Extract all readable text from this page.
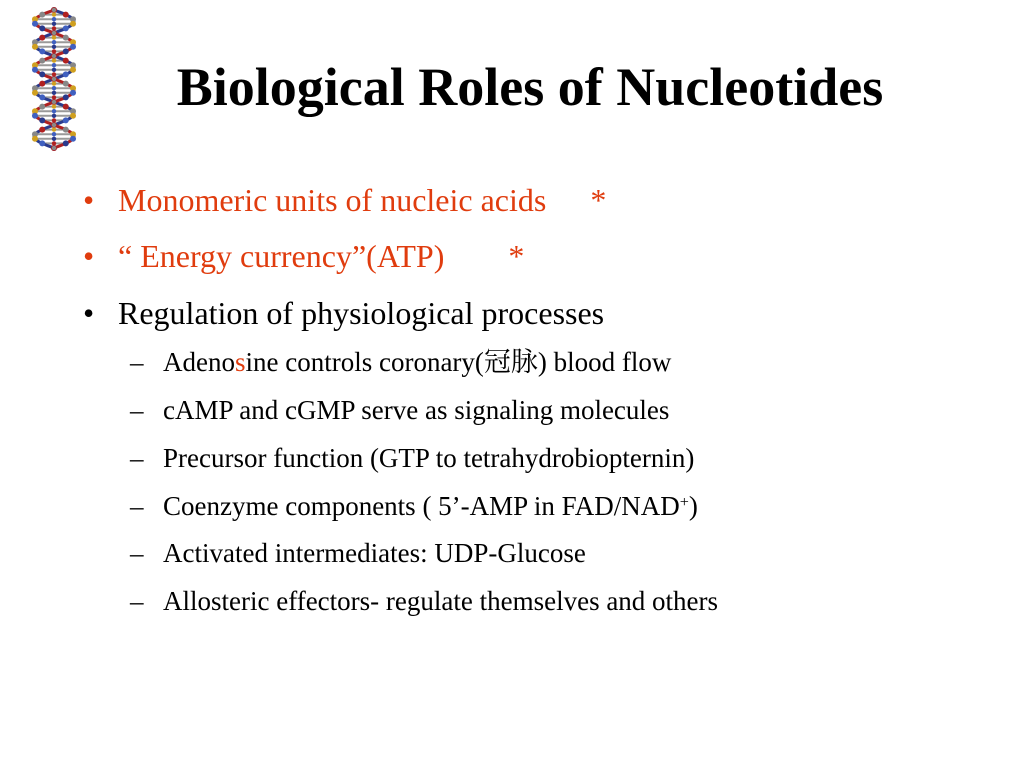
Biological Roles of Nucleotides
• Monomeric units of nucleic acids *
• “ Energy currency”(ATP) *
• Regulation of physiological processes
– Adenosine controls coronary(冠脉) blood flow
– cAMP and cGMP serve as signaling molecules
– Precursor function (GTP to tetrahydrobiopternin)
– Coenzyme components ( 5’-AMP in FAD/NAD+)
– Activated intermediates: UDP-Glucose
– Allosteric effectors- regulate themselves and others
